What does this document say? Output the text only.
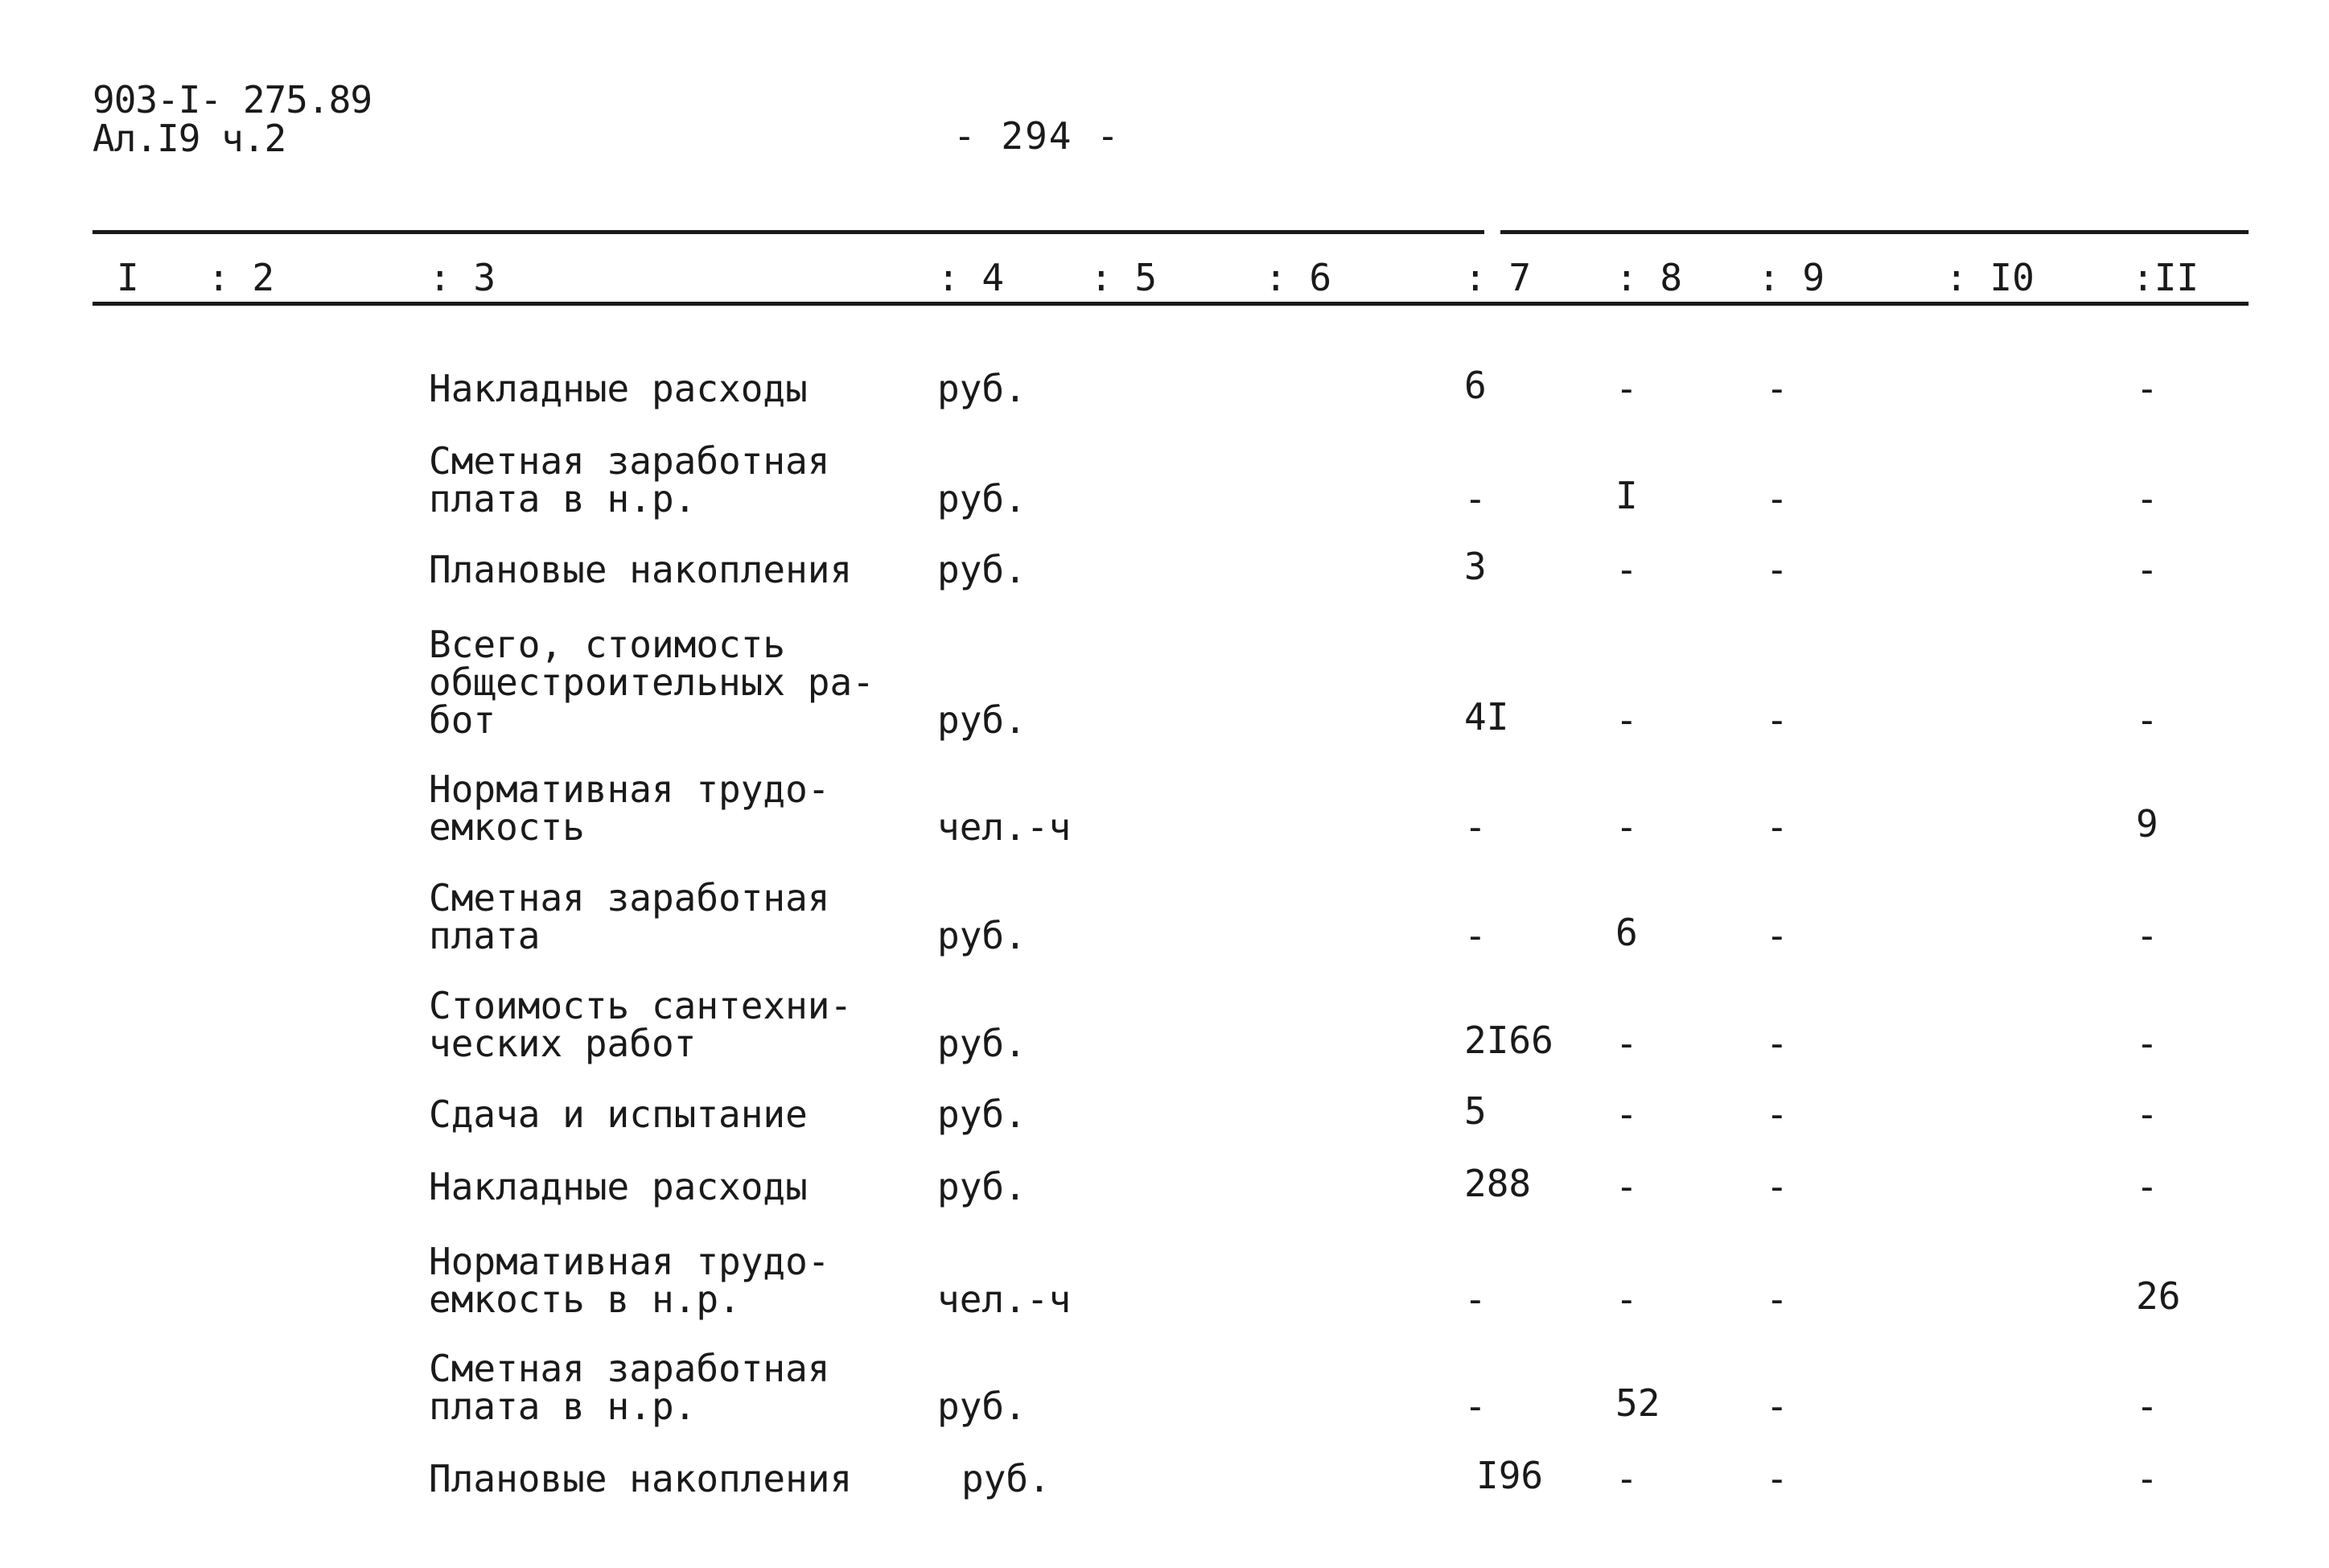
903-I- 275.89
Ал.I9 ч.2	- 294 -
I : 2	: 3	: 4 : 5	: 6	: 7 : 8 : 9	: I0	:II
Накладные расходы	руб.	6	-	-	-
Сметная заработная
плата в н.р.	руб.	-	I	-	-
Плановые накопления руб.	3	-	-	-
Всего, стоимость
общестроительных ра-
бот	руб.	4I	-	-	-
Нормативная трудо-
емкость	чел.-ч	-	-	-	9
Сметная заработная
плата	руб.	-	6	-	-
Стоимость сантехни-
ческих работ	руб.	2I66 -	-	-
Сдача и испытание	руб.	5	-	-	-
Накладные расходы	руб.	288 -	-	-
Нормативная трудо-
емкость в н.р.	чел.-ч	-	-	-	26
Сметная заработная
плата в н.р.	руб.	-	52	-	-
Плановые накопления	руб.	I96 -	-	-
